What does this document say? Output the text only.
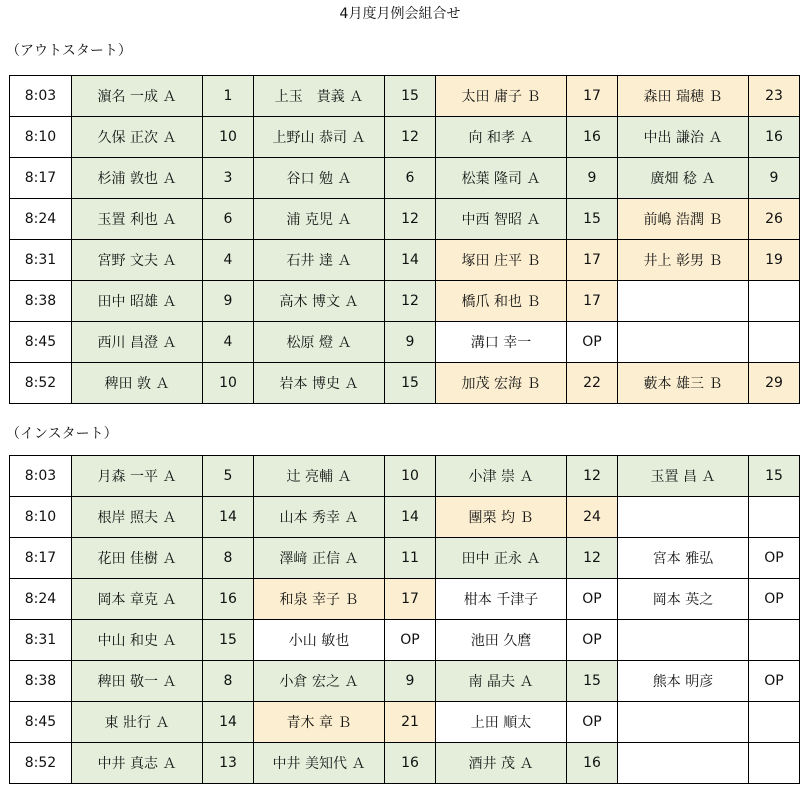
4月度月例会組合せ
（アウトスタート）
8:03	濵名 一成 Ａ	1	上玉　貴義 Ａ	15	太田 庸子 Ｂ	17	森田 瑞穂 Ｂ	23
8:10	久保 正次 Ａ	10	上野山 恭司 Ａ	12	向 和孝 Ａ	16	中出 謙治 Ａ	16
8:17	杉浦 敦也 Ａ	3	谷口 勉 Ａ	6	松葉 隆司 Ａ	9	廣畑 稔 Ａ	9
8:24	玉置 利也 Ａ	6	浦 克児 Ａ	12	中西 智昭 Ａ	15	前嶋 浩潤 Ｂ	26
8:31	宮野 文夫 Ａ	4	石井 達 Ａ	14	塚田 庄平 Ｂ	17	井上 彰男 Ｂ	19
8:38	田中 昭雄 Ａ	9	高木 博文 Ａ	12	橋爪 和也 Ｂ	17		
8:45	西川 昌澄 Ａ	4	松原 燈 Ａ	9	溝口 幸一	OP		
8:52	稗田 敦 Ａ	10	岩本 博史 Ａ	15	加茂 宏海 Ｂ	22	藪本 雄三 Ｂ	29
（インスタート）
8:03	月森 一平 Ａ	5	辻 亮輔 Ａ	10	小津 崇 Ａ	12	玉置 昌 Ａ	15
8:10	根岸 照夫 Ａ	14	山本 秀幸 Ａ	14	團栗 均 Ｂ	24		
8:17	花田 佳樹 Ａ	8	澤﨑 正信 Ａ	11	田中 正永 Ａ	12	宮本 雅弘	OP
8:24	岡本 章克 Ａ	16	和泉 幸子 Ｂ	17	柑本 千津子	OP	岡本 英之	OP
8:31	中山 和史 Ａ	15	小山 敏也	OP	池田 久麿	OP		
8:38	稗田 敬一 Ａ	8	小倉 宏之 Ａ	9	南 晶夫 Ａ	15	熊本 明彦	OP
8:45	東 壯行 Ａ	14	青木 章 Ｂ	21	上田 順太	OP		
8:52	中井 真志 Ａ	13	中井 美知代 Ａ	16	酒井 茂 Ａ	16		
